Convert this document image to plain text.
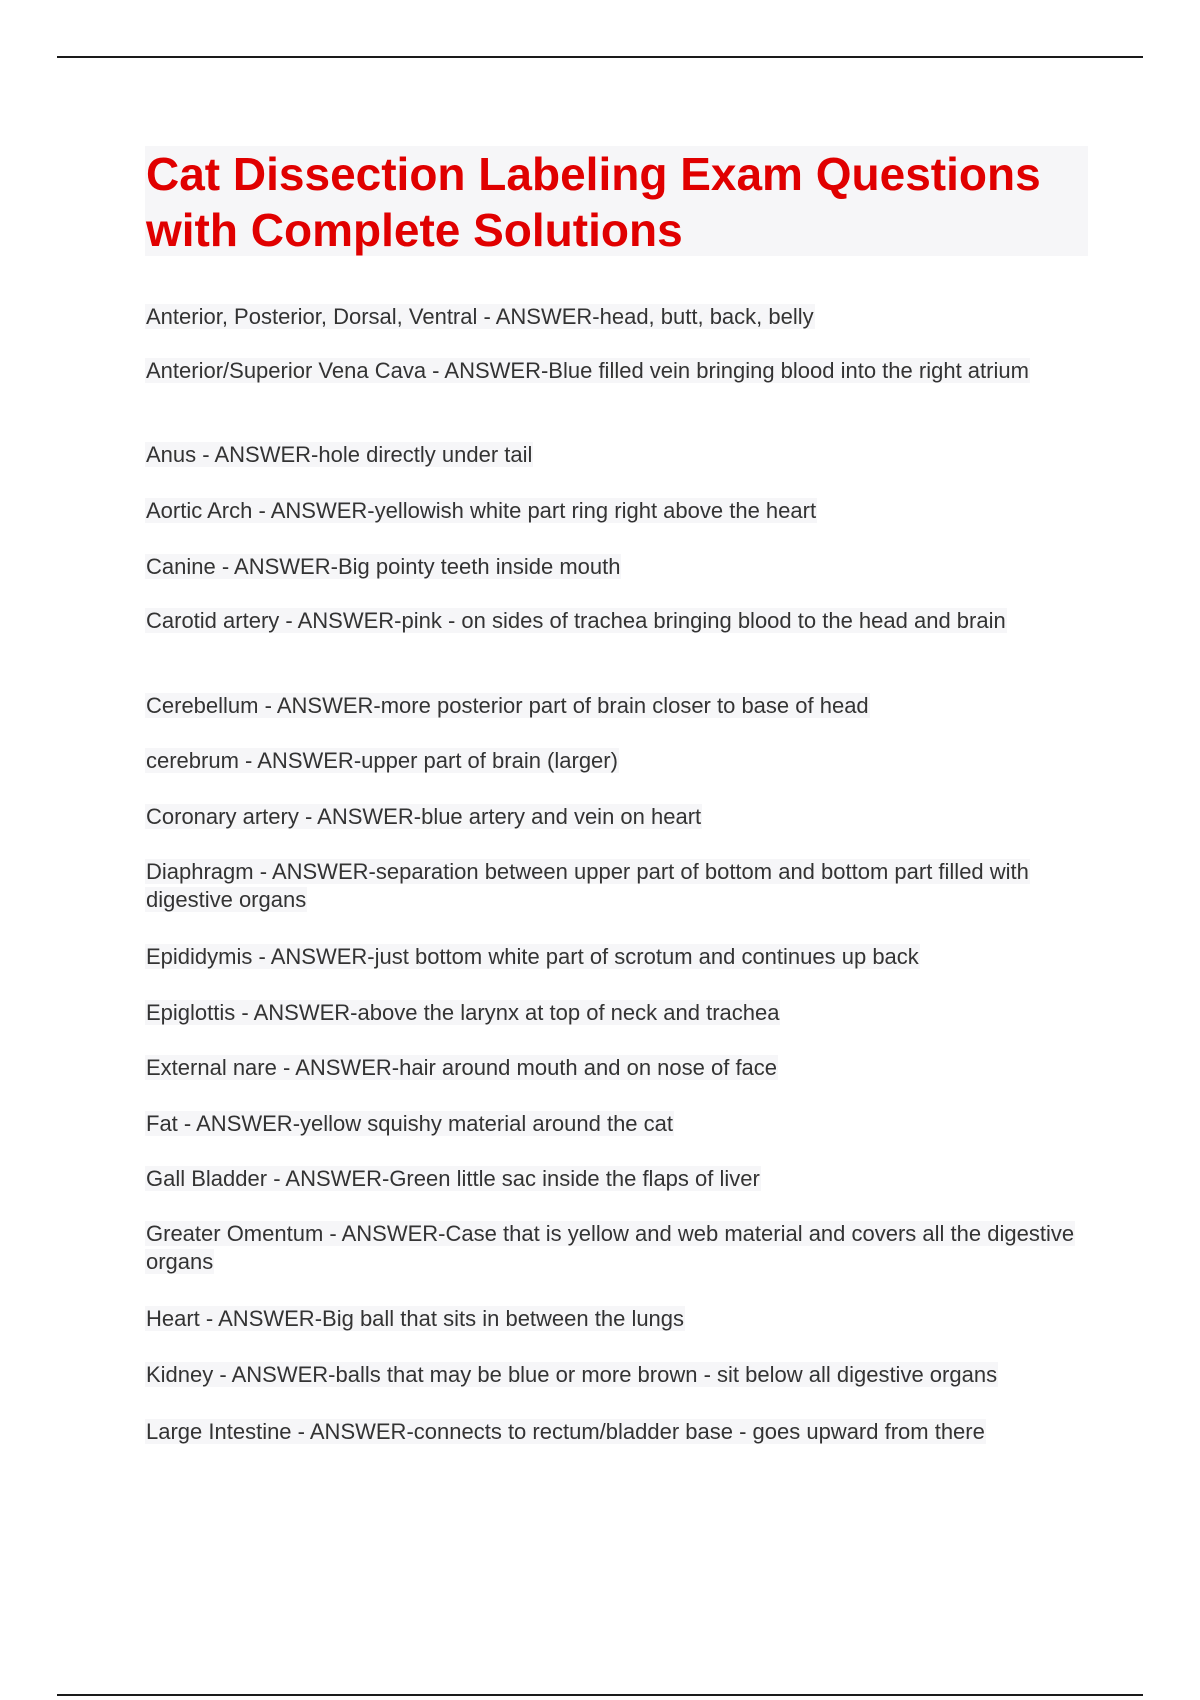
Cat Dissection Labeling Exam Questions
with Complete Solutions
Anterior, Posterior, Dorsal, Ventral - ANSWER-head, butt, back, belly
Anterior/Superior Vena Cava - ANSWER-Blue filled vein bringing blood into the right atrium
Anus - ANSWER-hole directly under tail
Aortic Arch - ANSWER-yellowish white part ring right above the heart
Canine - ANSWER-Big pointy teeth inside mouth
Carotid artery - ANSWER-pink - on sides of trachea bringing blood to the head and brain
Cerebellum - ANSWER-more posterior part of brain closer to base of head
cerebrum - ANSWER-upper part of brain (larger)
Coronary artery - ANSWER-blue artery and vein on heart
Diaphragm - ANSWER-separation between upper part of bottom and bottom part filled with digestive organs
Epididymis - ANSWER-just bottom white part of scrotum and continues up back
Epiglottis - ANSWER-above the larynx at top of neck and trachea
External nare - ANSWER-hair around mouth and on nose of face
Fat - ANSWER-yellow squishy material around the cat
Gall Bladder - ANSWER-Green little sac inside the flaps of liver
Greater Omentum - ANSWER-Case that is yellow and web material and covers all the digestive organs
Heart - ANSWER-Big ball that sits in between the lungs
Kidney - ANSWER-balls that may be blue or more brown - sit below all digestive organs
Large Intestine - ANSWER-connects to rectum/bladder base - goes upward from there
